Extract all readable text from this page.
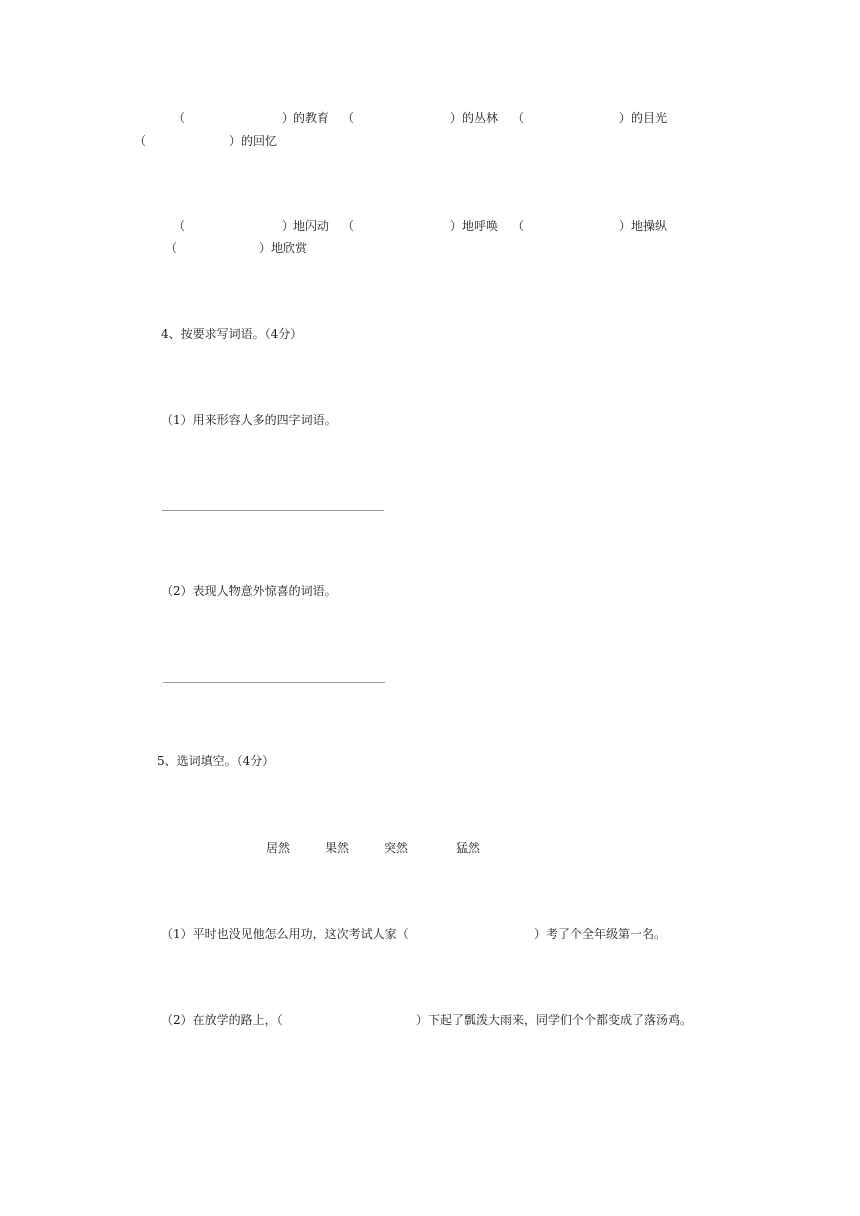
（	）
的教育 （	） 的丛林 （	） 的目光
（	） 的回忆
（	）
地闪动 （	） 地呼唤 （	） 地操纵
（	） 地欣赏
4、按要求写词语。（4分）
（1）用来形容人多的四字词语。
（2）表现人物意外惊喜的词语。
5、选词填空。（4分）
居然	果然	突然	猛然
（1）平时也没见他怎么用功，这次考试人家（	）考了个全年级第一名。
（2）在放学的路上，（	）下起了瓢泼大雨来，同学们个个都变成了落汤鸡。
